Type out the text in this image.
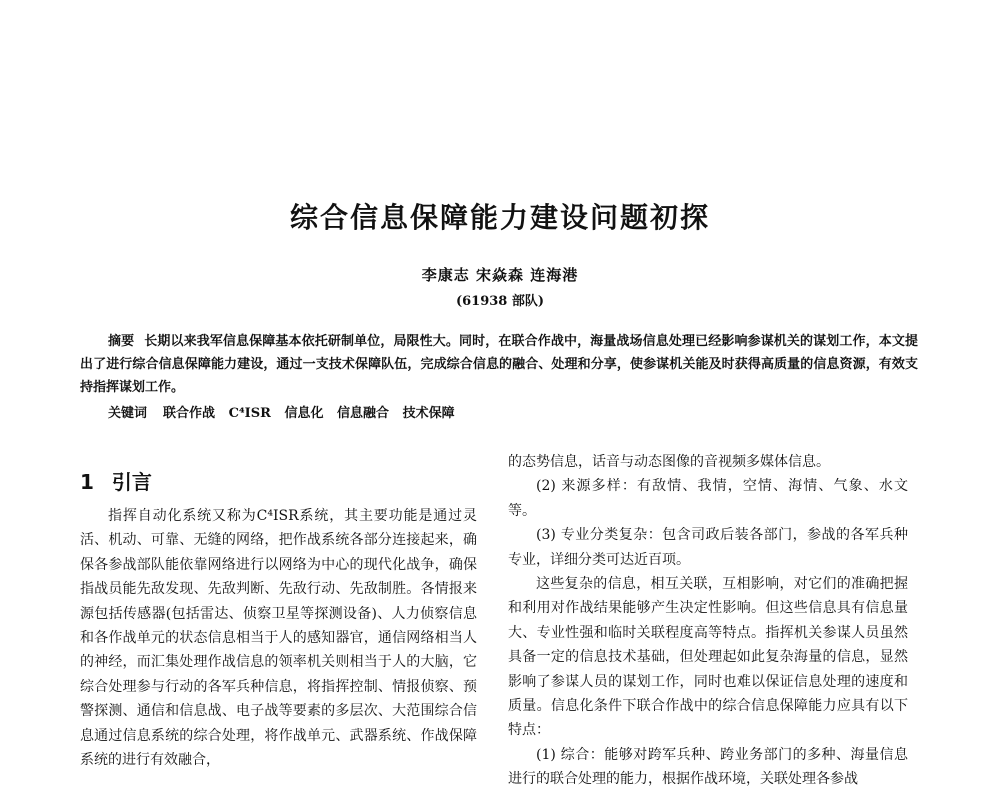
综合信息保障能力建设问题初探
李康志 宋焱森 连海港
(61938 部队)
摘要 长期以来我军信息保障基本依托研制单位，局限性大。同时，在联合作战中，海量战场信息处理已经影响参谋机关的谋划工作，本文提出了进行综合信息保障能力建设，通过一支技术保障队伍，完成综合信息的融合、处理和分享，使参谋机关能及时获得高质量的信息资源，有效支持指挥谋划工作。
关键词 联合作战   C⁴ISR   信息化   信息融合   技术保障
1 引言

指挥自动化系统又称为C⁴ISR系统，其主要功能是通过灵活、机动、可靠、无缝的网络，把作战系统各部分连接起来，确保各参战部队能依靠网络进行以网络为中心的现代化战争，确保指战员能先敌发现、先敌判断、先敌行动、先敌制胜。各情报来源包括传感器(包括雷达、侦察卫星等探测设备)、人力侦察信息和各作战单元的状态信息相当于人的感知器官，通信网络相当人的神经，而汇集处理作战信息的领率机关则相当于人的大脑，它综合处理参与行动的各军兵种信息，将指挥控制、情报侦察、预警探测、通信和信息战、电子战等要素的多层次、大范围综合信息通过信息系统的综合处理，将作战单元、武器系统、作战保障系统的进行有效融合，

的态势信息，话音与动态图像的音视频多媒体信息。

(2) 来源多样：有敌情、我情，空情、海情、气象、水文等。

(3) 专业分类复杂：包含司政后装各部门，参战的各军兵种专业，详细分类可达近百项。

这些复杂的信息，相互关联，互相影响，对它们的准确把握和利用对作战结果能够产生决定性影响。但这些信息具有信息量大、专业性强和临时关联程度高等特点。指挥机关参谋人员虽然具备一定的信息技术基础，但处理起如此复杂海量的信息，显然影响了参谋人员的谋划工作，同时也难以保证信息处理的速度和质量。信息化条件下联合作战中的综合信息保障能力应具有以下特点：

(1) 综合：能够对跨军兵种、跨业务部门的多种、海量信息进行的联合处理的能力，根据作战环境，关联处理各参战
